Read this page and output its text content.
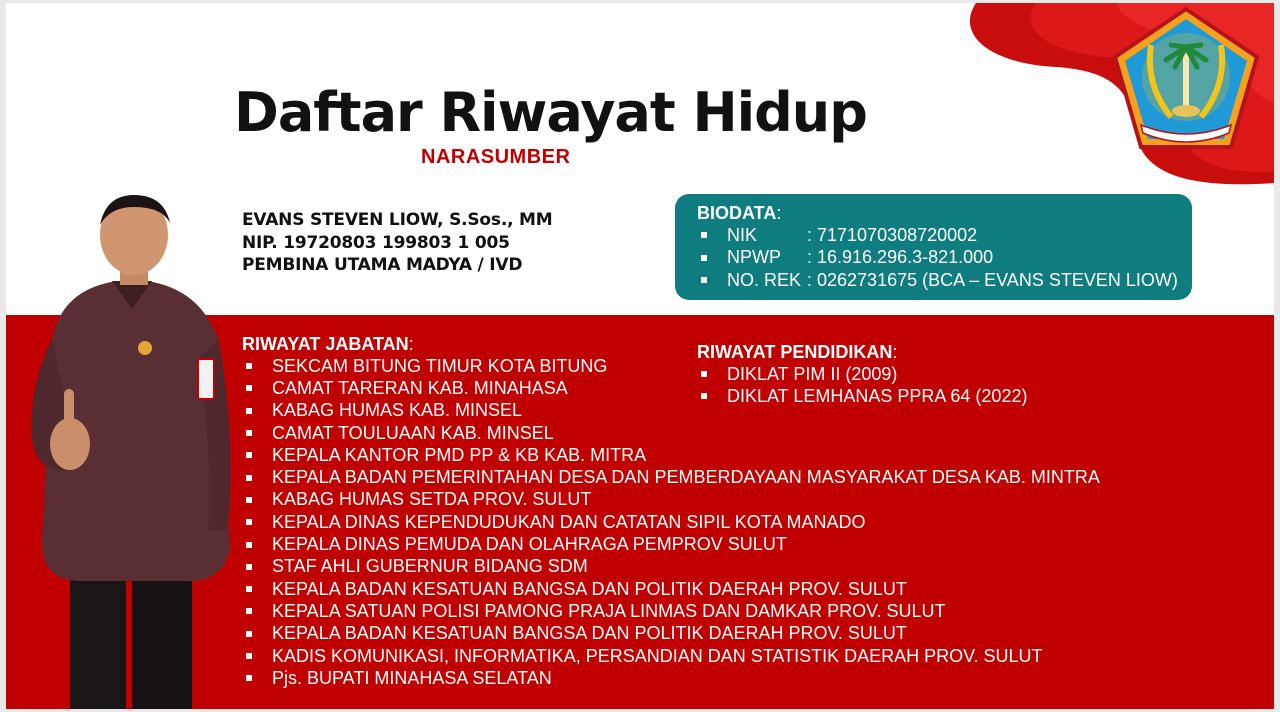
Daftar Riwayat Hidup
NARASUMBER
EVANS STEVEN LIOW, S.Sos., MM
NIP. 19720803 199803 1 005
PEMBINA UTAMA MADYA / IVD
BIODATA:
NIK	: 7171070308720002
NPWP	: 16.916.296.3-821.000
NO. REK : 0262731675 (BCA – EVANS STEVEN LIOW)
RIWAYAT JABATAN:
SEKCAM BITUNG TIMUR KOTA BITUNG
CAMAT TARERAN KAB. MINAHASA
KABAG HUMAS KAB. MINSEL
CAMAT TOULUAAN KAB. MINSEL
KEPALA KANTOR PMD PP & KB KAB. MITRA
KEPALA BADAN PEMERINTAHAN DESA DAN PEMBERDAYAAN MASYARAKAT DESA KAB. MINTRA
KABAG HUMAS SETDA PROV. SULUT
KEPALA DINAS KEPENDUDUKAN DAN CATATAN SIPIL KOTA MANADO
KEPALA DINAS PEMUDA DAN OLAHRAGA PEMPROV SULUT
STAF AHLI GUBERNUR BIDANG SDM
KEPALA BADAN KESATUAN BANGSA DAN POLITIK DAERAH PROV. SULUT
KEPALA SATUAN POLISI PAMONG PRAJA LINMAS DAN DAMKAR PROV. SULUT
KEPALA BADAN KESATUAN BANGSA DAN POLITIK DAERAH PROV. SULUT
KADIS KOMUNIKASI, INFORMATIKA, PERSANDIAN DAN STATISTIK DAERAH PROV. SULUT
Pjs. BUPATI MINAHASA SELATAN
RIWAYAT PENDIDIKAN:
DIKLAT PIM II (2009)
DIKLAT LEMHANAS PPRA 64 (2022)
